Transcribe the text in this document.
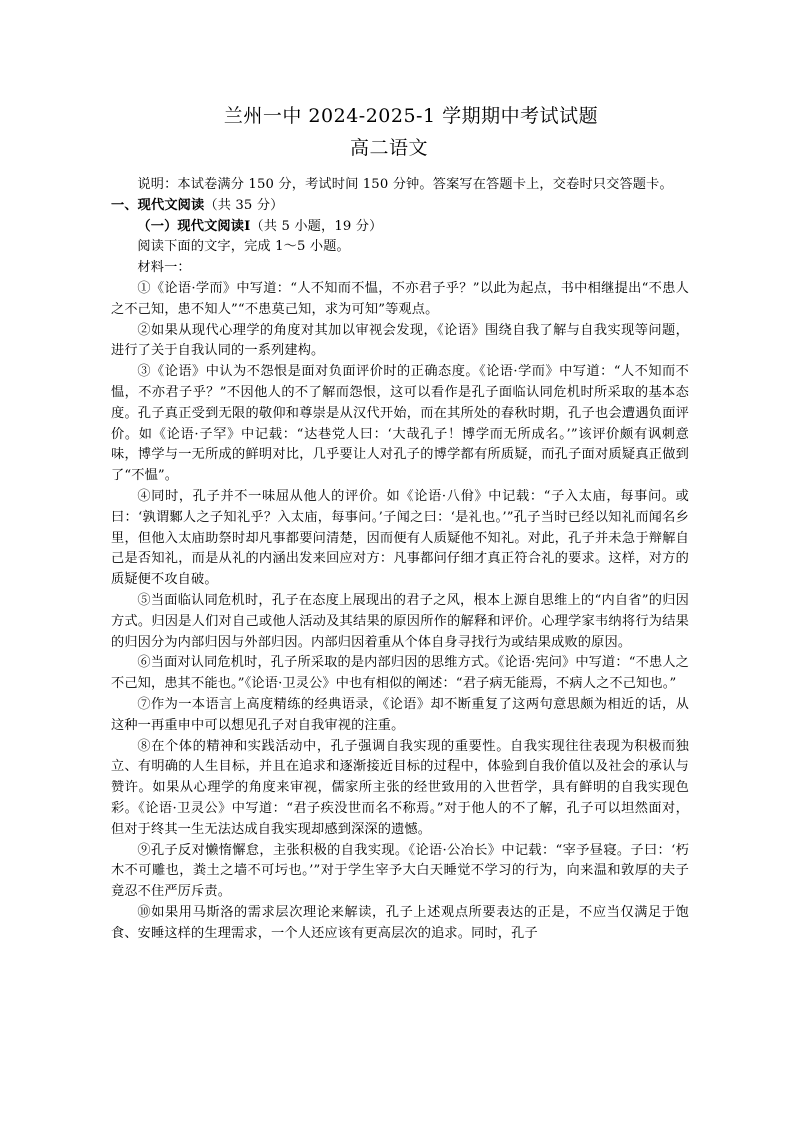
兰州一中 2024-2025-1 学期期中考试试题
高二语文

说明：本试卷满分 150 分，考试时间 150 分钟。答案写在答题卡上，交卷时只交答题卡。

一、现代文阅读（共 35 分）

（一）现代文阅读Ⅰ（共 5 小题，19 分）

阅读下面的文字，完成 1～5 小题。

材料一：

①《论语·学而》中写道：“人不知而不愠，不亦君子乎？”以此为起点，书中相继提出“不患人之不己知，患不知人”“不患莫己知，求为可知”等观点。

②如果从现代心理学的角度对其加以审视会发现，《论语》围绕自我了解与自我实现等问题，进行了关于自我认同的一系列建构。

③《论语》中认为不怨恨是面对负面评价时的正确态度。《论语·学而》中写道：“人不知而不愠，不亦君子乎？”不因他人的不了解而怨恨，这可以看作是孔子面临认同危机时所采取的基本态度。孔子真正受到无限的敬仰和尊崇是从汉代开始，而在其所处的春秋时期，孔子也会遭遇负面评价。如《论语·子罕》中记载：“达巷党人曰：‘大哉孔子！博学而无所成名。’”该评价颇有讽刺意味，博学与一无所成的鲜明对比，几乎要让人对孔子的博学都有所质疑，而孔子面对质疑真正做到了“不愠”。

④同时，孔子并不一味屈从他人的评价。如《论语·八佾》中记载：“子入太庙，每事问。或曰：‘孰谓鄹人之子知礼乎？入太庙，每事问。’子闻之曰：‘是礼也。’”孔子当时已经以知礼而闻名乡里，但他入太庙助祭时却凡事都要问清楚，因而便有人质疑他不知礼。对此，孔子并未急于辩解自己是否知礼，而是从礼的内涵出发来回应对方：凡事都问仔细才真正符合礼的要求。这样，对方的质疑便不攻自破。

⑤当面临认同危机时，孔子在态度上展现出的君子之风，根本上源自思维上的“内自省”的归因方式。归因是人们对自己或他人活动及其结果的原因所作的解释和评价。心理学家韦纳将行为结果的归因分为内部归因与外部归因。内部归因着重从个体自身寻找行为或结果成败的原因。

⑥当面对认同危机时，孔子所采取的是内部归因的思维方式。《论语·宪问》中写道：“不患人之不己知，患其不能也。”《论语·卫灵公》中也有相似的阐述：“君子病无能焉，不病人之不己知也。”

⑦作为一本语言上高度精练的经典语录，《论语》却不断重复了这两句意思颇为相近的话，从这种一再重申中可以想见孔子对自我审视的注重。

⑧在个体的精神和实践活动中，孔子强调自我实现的重要性。自我实现往往表现为积极而独立、有明确的人生目标，并且在追求和逐渐接近目标的过程中，体验到自我价值以及社会的承认与赞许。如果从心理学的角度来审视，儒家所主张的经世致用的入世哲学，具有鲜明的自我实现色彩。《论语·卫灵公》中写道：“君子疾没世而名不称焉。”对于他人的不了解，孔子可以坦然面对，但对于终其一生无法达成自我实现却感到深深的遗憾。

⑨孔子反对懒惰懈怠，主张积极的自我实现。《论语·公冶长》中记载：“宰予昼寝。子曰：‘朽木不可雕也，粪土之墙不可圬也。’”对于学生宰予大白天睡觉不学习的行为，向来温和敦厚的夫子竟忍不住严厉斥责。

⑩如果用马斯洛的需求层次理论来解读，孔子上述观点所要表达的正是，不应当仅满足于饱食、安睡这样的生理需求，一个人还应该有更高层次的追求。同时，孔子
